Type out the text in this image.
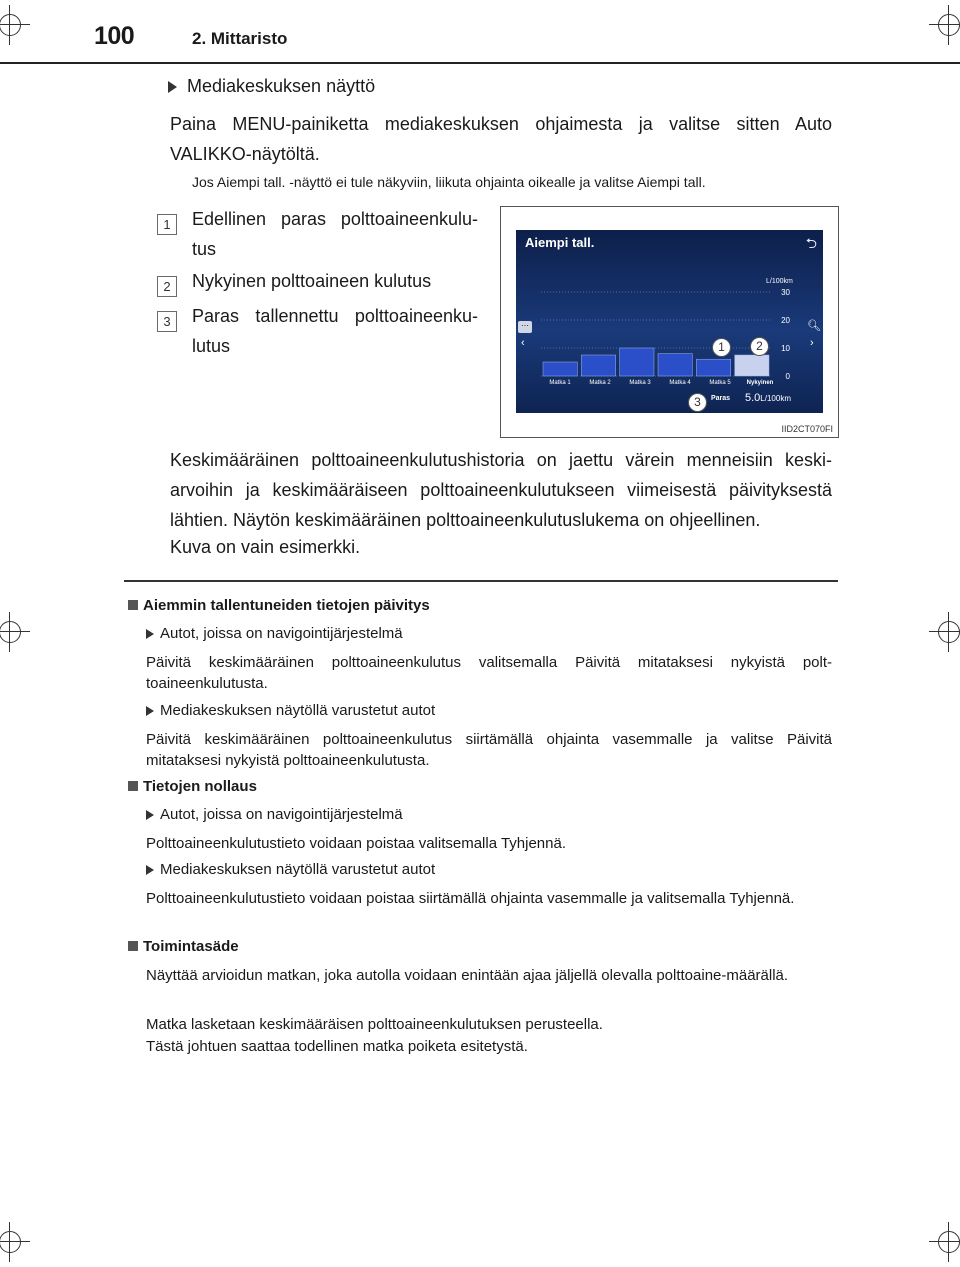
100	2. Mittaristo
Mediakeskuksen näyttö
Paina MENU-painiketta mediakeskuksen ohjaimesta ja valitse sitten Auto VALIKKO-näytöltä.
Jos Aiempi tall. -näyttö ei tule näkyviin, liikuta ohjainta oikealle ja valitse Aiempi tall.
1 Edellinen paras polttoaineenkulu-tus
2 Nykyinen polttoaineen kulutus
3 Paras tallennettu polttoaineenku-lutus
Aiempi tall.	⮌
L/100km
30
20
10
0
Matka 1	Matka 2	Matka 3	Matka 4	Matka 5	Nykyinen
⋯
‹
🔍︎
›
Paras 5.0L/100km
1	2
3
IID2CT070FI
Keskimääräinen polttoaineenkulutushistoria on jaettu värein menneisiin keski-arvoihin ja keskimääräiseen polttoaineenkulutukseen viimeisestä päivityksestä lähtien. Näytön keskimääräinen polttoaineenkulutuslukema on ohjeellinen.
Kuva on vain esimerkki.
Aiemmin tallentuneiden tietojen päivitys
Autot, joissa on navigointijärjestelmä
Päivitä keskimääräinen polttoaineenkulutus valitsemalla Päivitä mitataksesi nykyistä polt-toaineenkulutusta.
Mediakeskuksen näytöllä varustetut autot
Päivitä keskimääräinen polttoaineenkulutus siirtämällä ohjainta vasemmalle ja valitse Päivitä mitataksesi nykyistä polttoaineenkulutusta.
Tietojen nollaus
Autot, joissa on navigointijärjestelmä
Polttoaineenkulutustieto voidaan poistaa valitsemalla Tyhjennä.
Mediakeskuksen näytöllä varustetut autot
Polttoaineenkulutustieto voidaan poistaa siirtämällä ohjainta vasemmalle ja valitsemalla Tyhjennä.
Toimintasäde
Näyttää arvioidun matkan, joka autolla voidaan enintään ajaa jäljellä olevalla polttoaine-määrällä.
Matka lasketaan keskimääräisen polttoaineenkulutuksen perusteella.
Tästä johtuen saattaa todellinen matka poiketa esitetystä.
